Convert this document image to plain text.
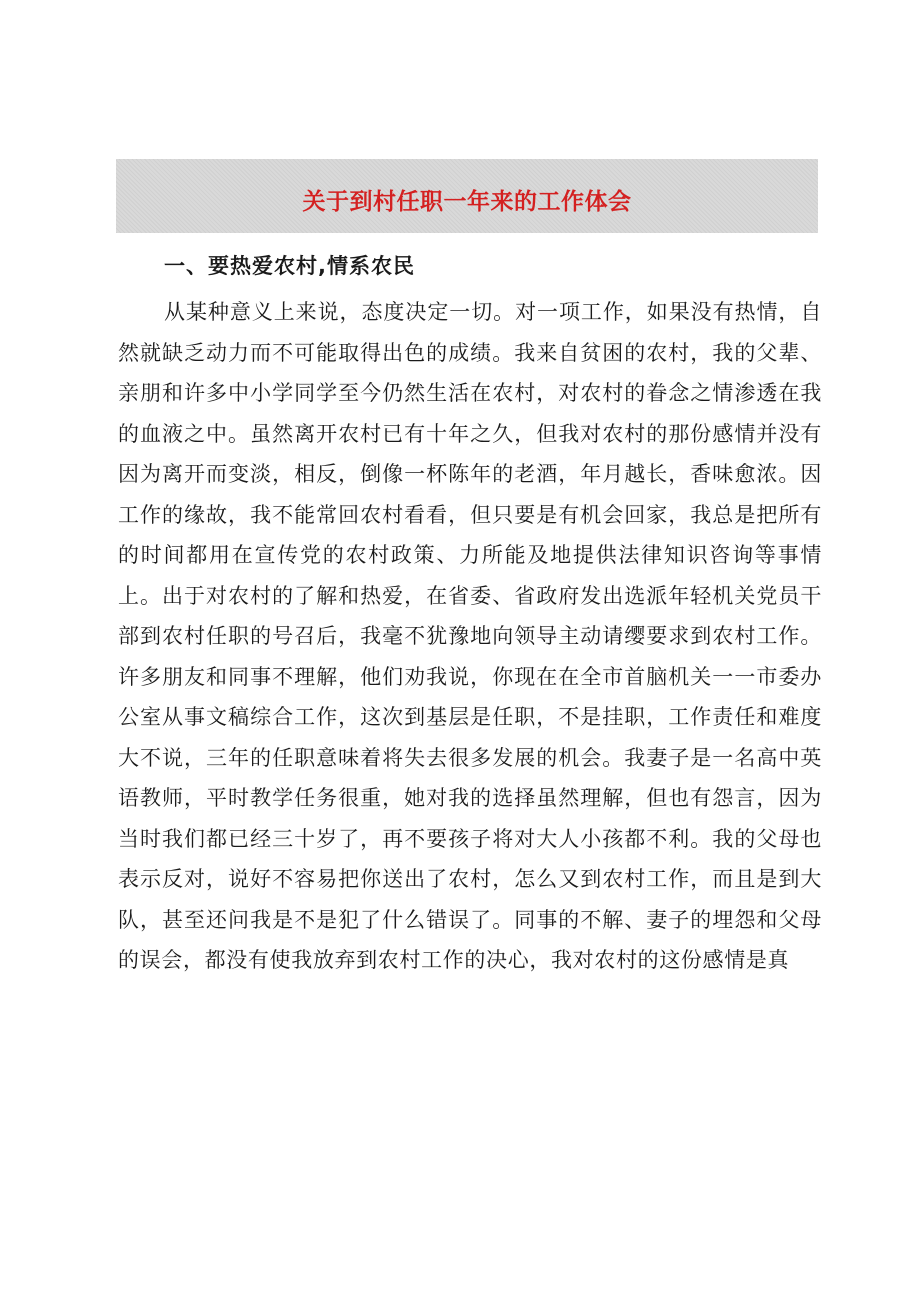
关于到村任职一年来的工作体会
一、要热爱农村,情系农民

从某种意义上来说，态度决定一切。对一项工作，如果没有热情，自然就缺乏动力而不可能取得出色的成绩。我来自贫困的农村，我的父辈、亲朋和许多中小学同学至今仍然生活在农村，对农村的眷念之情渗透在我的血液之中。虽然离开农村已有十年之久，但我对农村的那份感情并没有因为离开而变淡，相反，倒像一杯陈年的老酒，年月越长，香味愈浓。因工作的缘故，我不能常回农村看看，但只要是有机会回家，我总是把所有的时间都用在宣传党的农村政策、力所能及地提供法律知识咨询等事情上。出于对农村的了解和热爱，在省委、省政府发出选派年轻机关党员干部到农村任职的号召后，我毫不犹豫地向领导主动请缨要求到农村工作。许多朋友和同事不理解，他们劝我说，你现在在全市首脑机关一一市委办公室从事文稿综合工作，这次到基层是任职，不是挂职，工作责任和难度大不说，三年的任职意味着将失去很多发展的机会。我妻子是一名高中英语教师，平时教学任务很重，她对我的选择虽然理解，但也有怨言，因为当时我们都已经三十岁了，再不要孩子将对大人小孩都不利。我的父母也表示反对，说好不容易把你送出了农村，怎么又到农村工作，而且是到大队，甚至还问我是不是犯了什么错误了。同事的不解、妻子的埋怨和父母的误会，都没有使我放弃到农村工作的决心，我对农村的这份感情是真
